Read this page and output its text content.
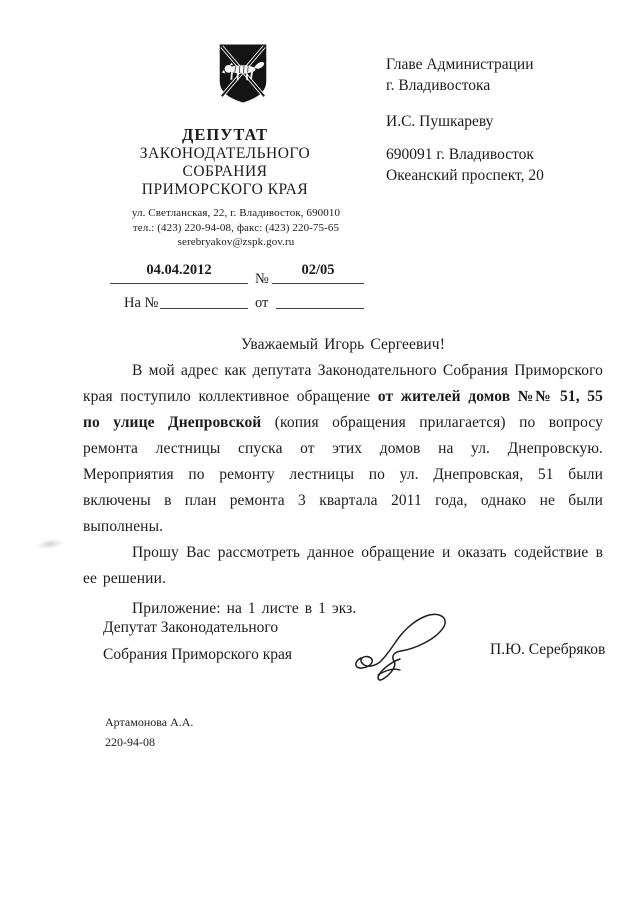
ДЕПУТАТ
ЗАКОНОДАТЕЛЬНОГО
СОБРАНИЯ
ПРИМОРСКОГО КРАЯ
ул. Светланская, 22, г. Владивосток, 690010
тел.: (423) 220-94-08, факс: (423) 220-75-65
serebryakov@zspk.gov.ru
Главе Администрации
г. Владивостока
И.С. Пушкареву
690091 г. Владивосток
Океанский проспект, 20
04.04.2012
№
02/05
На №	от

Уважаемый Игорь Сергеевич!

В мой адрес как депутата Законодательного Собрания Приморского края поступило коллективное обращение от жителей домов №№ 51, 55 по улице Днепровской (копия обращения прилагается) по вопросу ремонта лестницы спуска от этих домов на ул. Днепровскую. Мероприятия по ремонту лестницы по ул. Днепровская, 51 были включены в план ремонта 3 квартала 2011 года, однако не были выполнены.

Прошу Вас рассмотреть данное обращение и оказать содействие в ее решении.

Приложение: на 1 листе в 1 экз.

Депутат Законодательного
Собрания Приморского края	П.Ю. Серебряков
Артамонова А.А.
220-94-08
